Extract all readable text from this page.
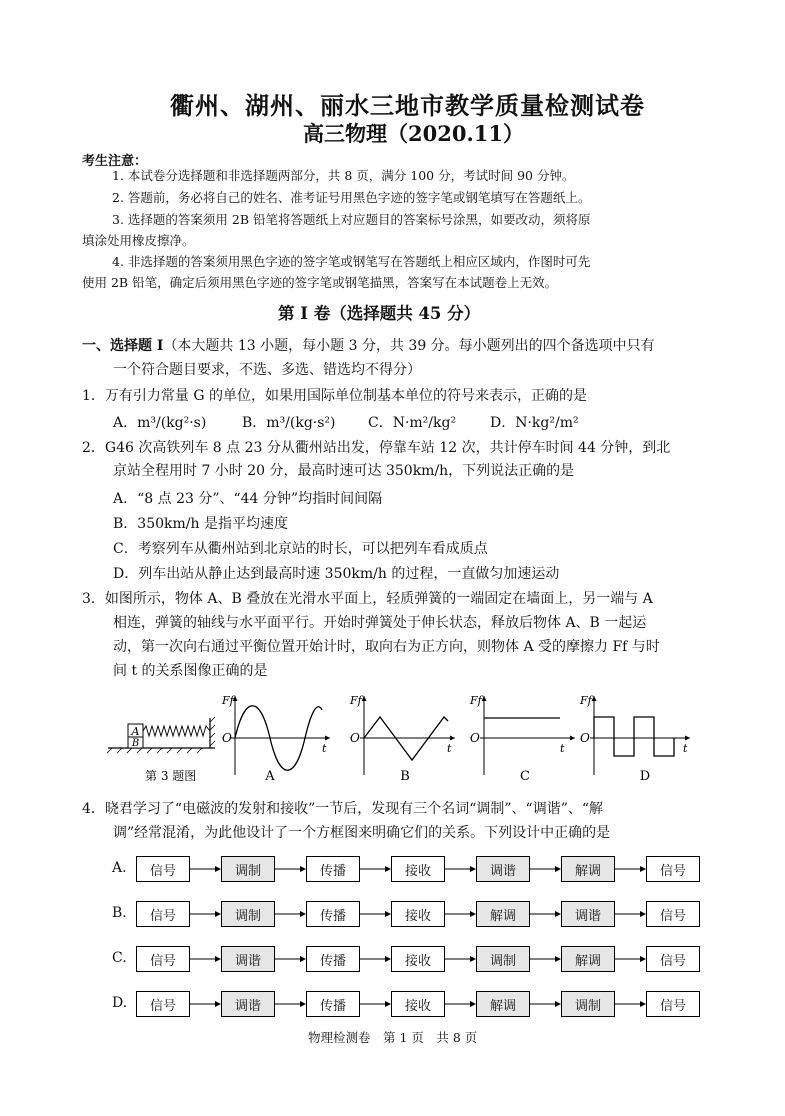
衢州、湖州、丽水三地市教学质量检测试卷
高三物理（2020.11）
考生注意：
1. 本试卷分选择题和非选择题两部分，共 8 页，满分 100 分，考试时间 90 分钟。
2. 答题前，务必将自己的姓名、准考证号用黑色字迹的签字笔或钢笔填写在答题纸上。
3. 选择题的答案须用 2B 铅笔将答题纸上对应题目的答案标号涂黑，如要改动，须将原
填涂处用橡皮擦净。
4. 非选择题的答案须用黑色字迹的签字笔或钢笔写在答题纸上相应区域内，作图时可先
使用 2B 铅笔，确定后须用黑色字迹的签字笔或钢笔描黑，答案写在本试题卷上无效。
第 I 卷（选择题共 45 分）
一、选择题 I（本大题共 13 小题，每小题 3 分，共 39 分。每小题列出的四个备选项中只有
一个符合题目要求，不选、多选、错选均不得分）
1．万有引力常量 G 的单位，如果用国际单位制基本单位的符号来表示，正确的是
A．m³/(kg²·s)	B．m³/(kg·s²) C．N·m²/kg² D．N·kg²/m²
2．G46 次高铁列车 8 点 23 分从衢州站出发，停靠车站 12 次，共计停车时间 44 分钟，到北
京站全程用时 7 小时 20 分，最高时速可达 350km/h，下列说法正确的是
A．“8 点 23 分”、“44 分钟”均指时间间隔
B．350km/h 是指平均速度
C．考察列车从衢州站到北京站的时长，可以把列车看成质点
D．列车出站从静止达到最高时速 350km/h 的过程，一直做匀加速运动
3．如图所示，物体 A、B 叠放在光滑水平面上，轻质弹簧的一端固定在墙面上，另一端与 A
相连，弹簧的轴线与水平面平行。开始时弹簧处于伸长状态，释放后物体 A、B 一起运
动，第一次向右通过平衡位置开始计时，取向右为正方向，则物体 A 受的摩擦力 Ff 与时
间 t 的关系图像正确的是
A
B
第 3 题图
O
Ff
t
A
O
Ff
t
B
O
Ff
t
C
O
Ff
t
D
4．晓君学习了“电磁波的发射和接收”一节后，发现有三个名词“调制”、“调谐”、“解
调”经常混淆，为此他设计了一个方框图来明确它们的关系。下列设计中正确的是
A.	信号	调制	传播	接收	调谐	解调	信号
B.	信号	调制	传播	接收	解调	调谐	信号
C.	信号	调谐	传播	接收	调制	解调	信号
D.	信号	调谐	传播	接收	解调	调制	信号
物理检测卷　第 1 页　共 8 页
